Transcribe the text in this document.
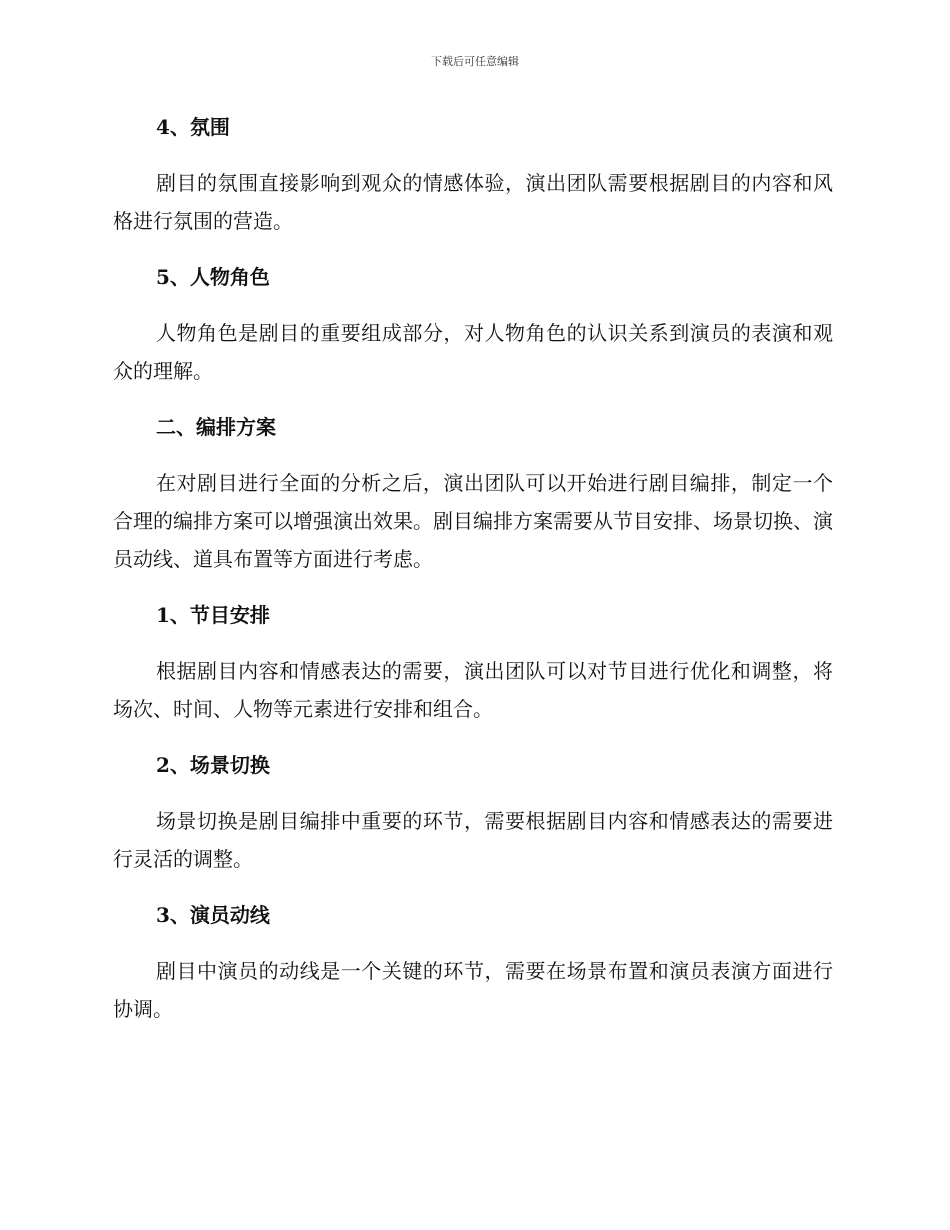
下载后可任意编辑
4、氛围

剧目的氛围直接影响到观众的情感体验，演出团队需要根据剧目的内容和风格进行氛围的营造。

5、人物角色

人物角色是剧目的重要组成部分，对人物角色的认识关系到演员的表演和观众的理解。

二、编排方案

在对剧目进行全面的分析之后，演出团队可以开始进行剧目编排，制定一个合理的编排方案可以增强演出效果。剧目编排方案需要从节目安排、场景切换、演员动线、道具布置等方面进行考虑。

1、节目安排

根据剧目内容和情感表达的需要，演出团队可以对节目进行优化和调整，将场次、时间、人物等元素进行安排和组合。

2、场景切换

场景切换是剧目编排中重要的环节，需要根据剧目内容和情感表达的需要进行灵活的调整。

3、演员动线

剧目中演员的动线是一个关键的环节，需要在场景布置和演员表演方面进行协调。
